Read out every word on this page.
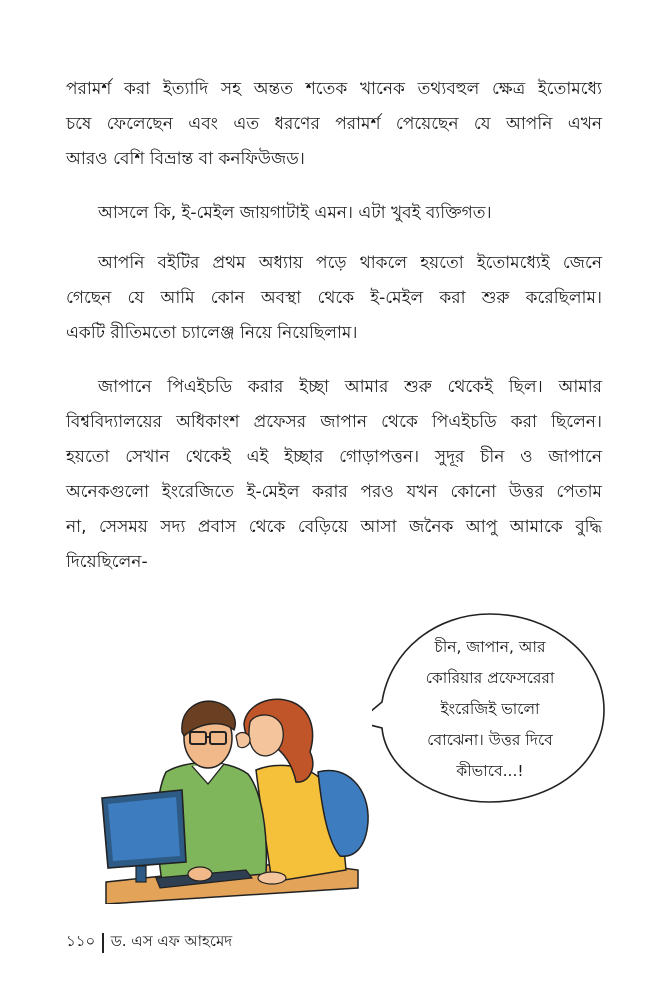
পরামর্শ করা ইত্যাদি সহ অন্তত শতেক খানেক তথ্যবহুল ক্ষেত্র ইতোমধ্যে
চষে ফেলেছেন এবং এত ধরণের পরামর্শ পেয়েছেন যে আপনি এখন
আরও বেশি বিভ্রান্ত বা কনফিউজড।
আসলে কি, ই-মেইল জায়গাটাই এমন। এটা খুবই ব্যক্তিগত।
আপনি বইটির প্রথম অধ্যায় পড়ে থাকলে হয়তো ইতোমধ্যেই জেনে
গেছেন যে আমি কোন অবস্থা থেকে ই-মেইল করা শুরু করেছিলাম।
একটি রীতিমতো চ্যালেঞ্জ নিয়ে নিয়েছিলাম।
জাপানে পিএইচডি করার ইচ্ছা আমার শুরু থেকেই ছিল। আমার
বিশ্ববিদ্যালয়ের অধিকাংশ প্রফেসর জাপান থেকে পিএইচডি করা ছিলেন।
হয়তো সেখান থেকেই এই ইচ্ছার গোড়াপত্তন। সুদূর চীন ও জাপানে
অনেকগুলো ইংরেজিতে ই-মেইল করার পরও যখন কোনো উত্তর পেতাম
না, সেসময় সদ্য প্রবাস থেকে বেড়িয়ে আসা জনৈক আপু আমাকে বুদ্ধি
দিয়েছিলেন-
চীন, জাপান, আর
কোরিয়ার প্রফেসরেরা
ইংরেজিই ভালো
বোঝেনা। উত্তর দিবে
কীভাবে...!
১১০ ড. এস এফ আহমেদ
